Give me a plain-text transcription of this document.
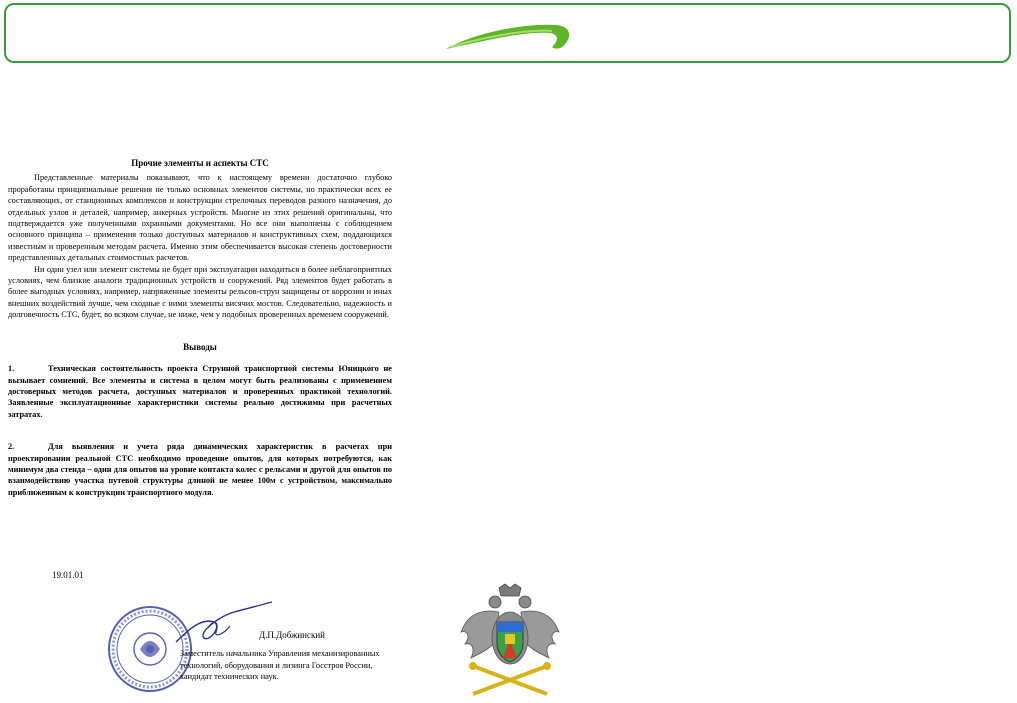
Прочие элементы и аспекты СТС

Представленные материалы показывают, что к настоящему времени достаточно глубоко проработаны принципиальные решения не только основных элементов системы, но практически всех ее составляющих, от станционных комплексов и конструкции стрелочных переводов разного назначения, до отдельных узлов и деталей, например, анкерных устройств. Многие из этих решений оригинальны, что подтверждается уже полученными охранными документами. Но все они выполнены с соблюдением основного принципа – применения только доступных материалов и конструктивных схем, поддающихся известным и проверенным методам расчета. Именно этим обеспечивается высокая степень достоверности представленных детальных стоимостных расчетов.

Ни один узел или элемент системы не будет при эксплуатации находиться в более неблагоприятных условиях, чем близкие аналоги традиционных устройств и сооружений. Ряд элементов будет работать в более выгодных условиях, например, напряженные элементы рельсов-струн защищены от коррозии и иных внешних воздействий лучше, чем сходные с ними элементы висячих мостов. Следовательно, надежность и долговечность СТС, будет, во всяком случае, не ниже, чем у подобных проверенных временем сооружений.

Выводы
1.	Техническая состоятельность проекта Струнной транспортной системы Юницкого не вызывает сомнений. Все элементы и система в целом могут быть реализованы с применением достоверных методов расчета, доступных материалов и проверенных практикой технологий. Заявленные эксплуатационные характеристики системы реально достижимы при расчетных затратах.
2.	Для выявления и учета ряда динамических характеристик в расчетах при проектировании реальной СТС необходимо проведение опытов, для которых потребуются, как минимум два стенда – один для опытов на уровне контакта колес с рельсами и другой для опытов по взаимодействию участка путевой структуры длиной не менее 100м с устройством, максимально приближенным к конструкции транспортного модуля.
19.01.01
Д.П.Добжинский
Заместитель начальника Управления механизированных технологий, оборудования и лизинга Госстроя России, кандидат технических наук.
